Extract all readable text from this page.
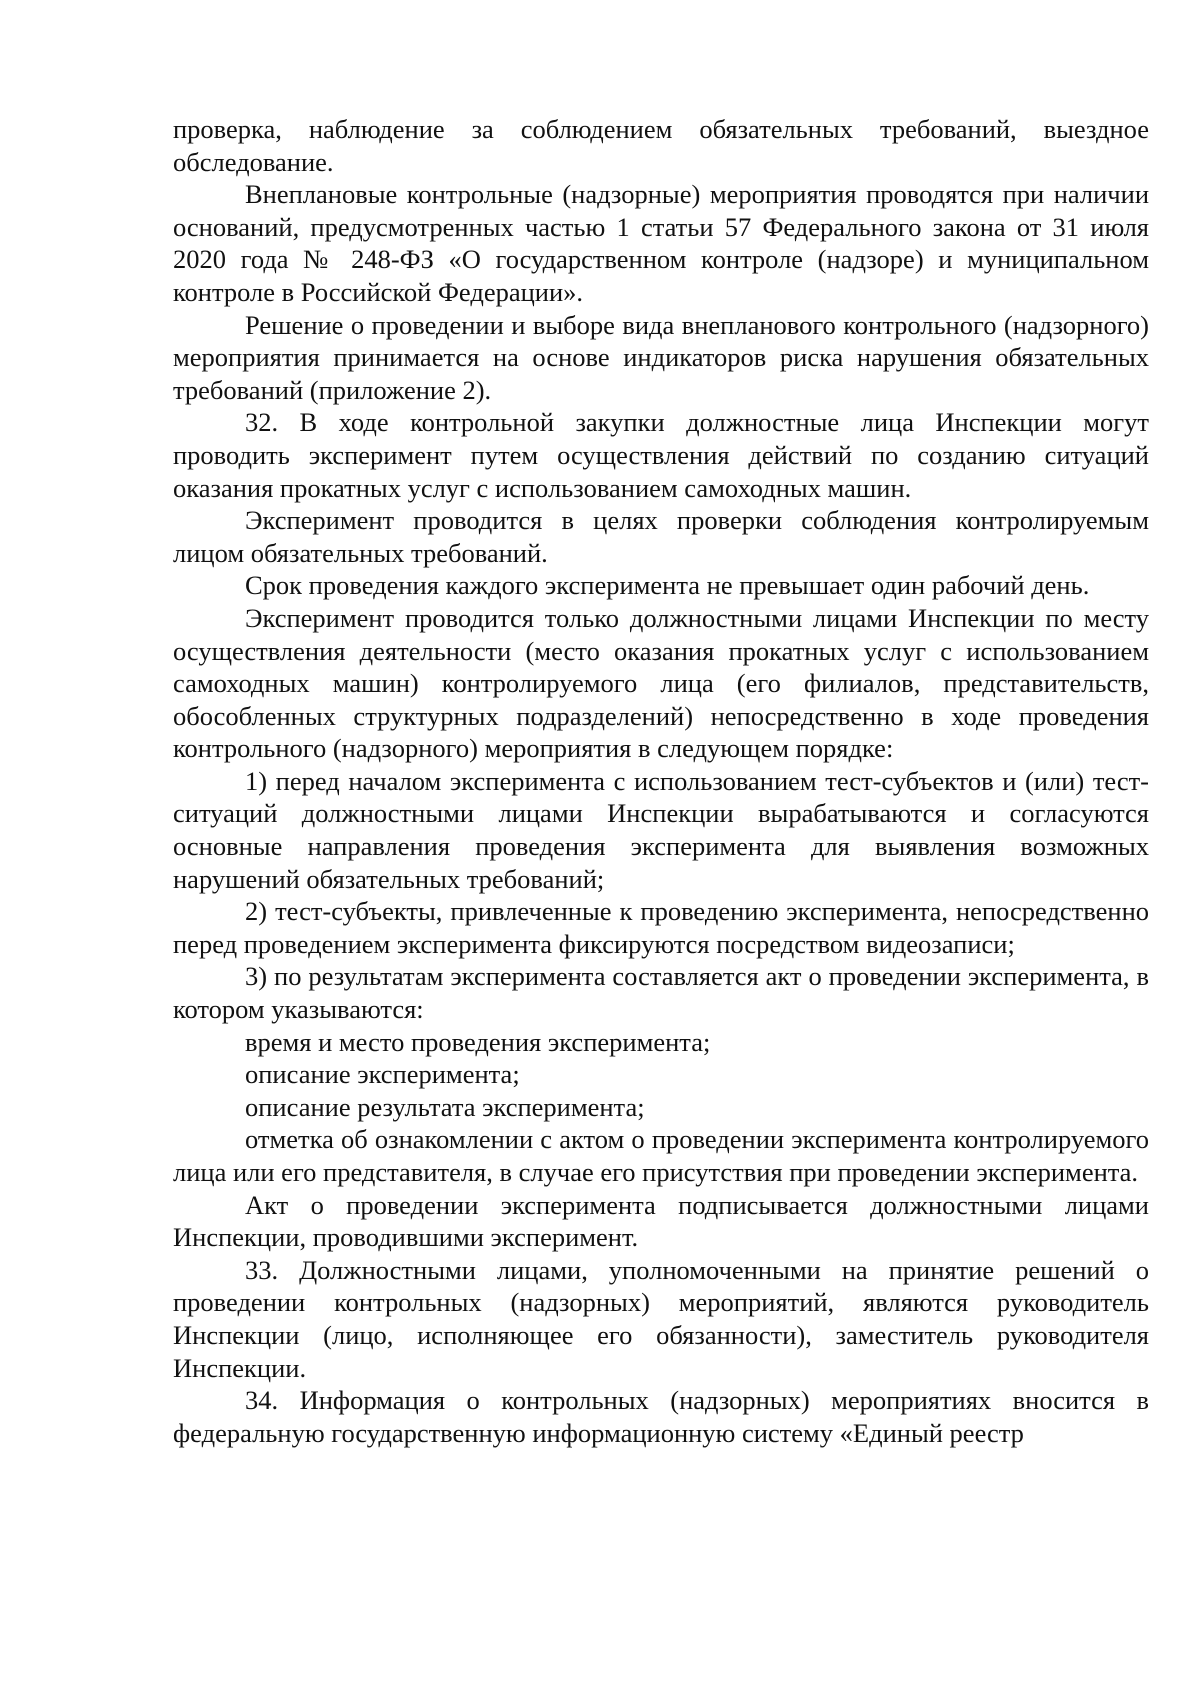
проверка, наблюдение за соблюдением обязательных требований, выездное обследование.

Внеплановые контрольные (надзорные) мероприятия проводятся при наличии оснований, предусмотренных частью 1 статьи 57 Федерального закона от 31 июля 2020 года № 248-ФЗ «О государственном контроле (надзоре) и муниципальном контроле в Российской Федерации».

Решение о проведении и выборе вида внепланового контрольного (надзорного) мероприятия принимается на основе индикаторов риска нарушения обязательных требований (приложение 2).

32. В ходе контрольной закупки должностные лица Инспекции могут проводить эксперимент путем осуществления действий по созданию ситуаций оказания прокатных услуг с использованием самоходных машин.

Эксперимент проводится в целях проверки соблюдения контролируемым лицом обязательных требований.

Срок проведения каждого эксперимента не превышает один рабочий день.

Эксперимент проводится только должностными лицами Инспекции по месту осуществления деятельности (место оказания прокатных услуг с использованием самоходных машин) контролируемого лица (его филиалов, представительств, обособленных структурных подразделений) непосредственно в ходе проведения контрольного (надзорного) мероприятия в следующем порядке:

1) перед началом эксперимента с использованием тест-субъектов и (или) тест-ситуаций должностными лицами Инспекции вырабатываются и согласуются основные направления проведения эксперимента для выявления возможных нарушений обязательных требований;

2) тест-субъекты, привлеченные к проведению эксперимента, непосредственно перед проведением эксперимента фиксируются посредством видеозаписи;

3) по результатам эксперимента составляется акт о проведении эксперимента, в котором указываются:

время и место проведения эксперимента;

описание эксперимента;

описание результата эксперимента;

отметка об ознакомлении с актом о проведении эксперимента контролируемого лица или его представителя, в случае его присутствия при проведении эксперимента.

Акт о проведении эксперимента подписывается должностными лицами Инспекции, проводившими эксперимент.

33. Должностными лицами, уполномоченными на принятие решений о проведении контрольных (надзорных) мероприятий, являются руководитель Инспекции (лицо, исполняющее его обязанности), заместитель руководителя Инспекции.

34. Информация о контрольных (надзорных) мероприятиях вносится в федеральную государственную информационную систему «Единый реестр
